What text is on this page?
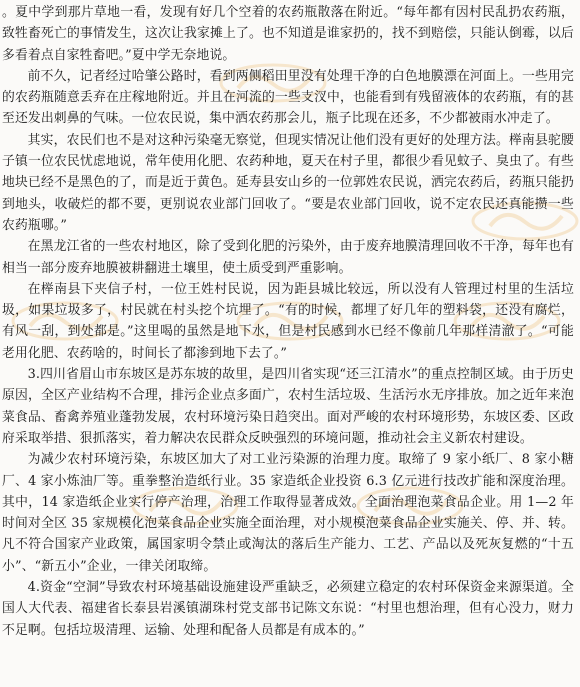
。夏中学到那片草地一看，发现有好几个空着的农药瓶散落在附近。“每年都有因村民乱扔农药瓶，致牲畜死亡的事情发生，这次让我家摊上了。也不知道是谁家扔的，找不到赔偿，只能认倒霉，以后多看着点自家牲畜吧。”夏中学无奈地说。

前不久，记者经过哈肇公路时，看到两侧稻田里没有处理干净的白色地膜漂在河面上。一些用完的农药瓶随意丢弃在庄稼地附近。并且在河流的一些支汊中，也能看到有残留液体的农药瓶，有的甚至还发出刺鼻的气味。一位农民说，集中洒农药那会儿，瓶子比现在还多，不少都被雨水冲走了。

其实，农民们也不是对这种污染毫无察觉，但现实情况让他们没有更好的处理方法。榉南县驼腰子镇一位农民忧虑地说，常年使用化肥、农药种地，夏天在村子里，都很少看见蚊子、臭虫了。有些地块已经不是黑色的了，而是近于黄色。延寿县安山乡的一位郭姓农民说，洒完农药后，药瓶只能扔到地头，收破烂的都不要，更别说农业部门回收了。“要是农业部门回收，说不定农民还真能攒一些农药瓶哪。”

在黑龙江省的一些农村地区，除了受到化肥的污染外，由于废弃地膜清理回收不干净，每年也有相当一部分废弃地膜被耕翻进土壤里，使土质受到严重影响。

在榉南县下夹信子村，一位王姓村民说，因为距县城比较远，所以没有人管理过村里的生活垃圾，如果垃圾多了，村民就在村头挖个坑埋了。“有的时候，都埋了好几年的塑料袋，还没有腐烂，有风一刮，到处都是。”这里喝的虽然是地下水，但是村民感到水已经不像前几年那样清澈了。“可能老用化肥、农药啥的，时间长了都渗到地下去了。”

3.四川省眉山市东坡区是苏东坡的故里，是四川省实现“还三江清水”的重点控制区域。由于历史原因，全区产业结构不合理，排污企业点多面广，农村生活垃圾、生活污水无序排放。加之近年来泡菜食品、畜禽养殖业蓬勃发展，农村环境污染日趋突出。面对严峻的农村环境形势，东坡区委、区政府采取举措、狠抓落实，着力解决农民群众反映强烈的环境问题，推动社会主义新农村建设。

为减少农村环境污染，东坡区加大了对工业污染源的治理力度。取缔了 9 家小纸厂、8 家小糖厂、4 家小炼油厂等。重拳整治造纸行业。35 家造纸企业投资 6.3 亿元进行技改扩能和深度治理。其中，14 家造纸企业实行停产治理，治理工作取得显著成效。全面治理泡菜食品企业。用 1—2 年时间对全区 35 家规模化泡菜食品企业实施全面治理，对小规模泡菜食品企业实施关、停、并、转。凡不符合国家产业政策，属国家明令禁止或淘汰的落后生产能力、工艺、产品以及死灰复燃的“十五小”、“新五小”企业，一律关闭取缔。

4.资金“空洞”导致农村环境基础设施建设严重缺乏，必须建立稳定的农村环保资金来源渠道。全国人大代表、福建省长泰县岩溪镇湖珠村党支部书记陈文东说：“村里也想治理，但有心没力，财力不足啊。包括垃圾清理、运输、处理和配备人员都是有成本的。”
